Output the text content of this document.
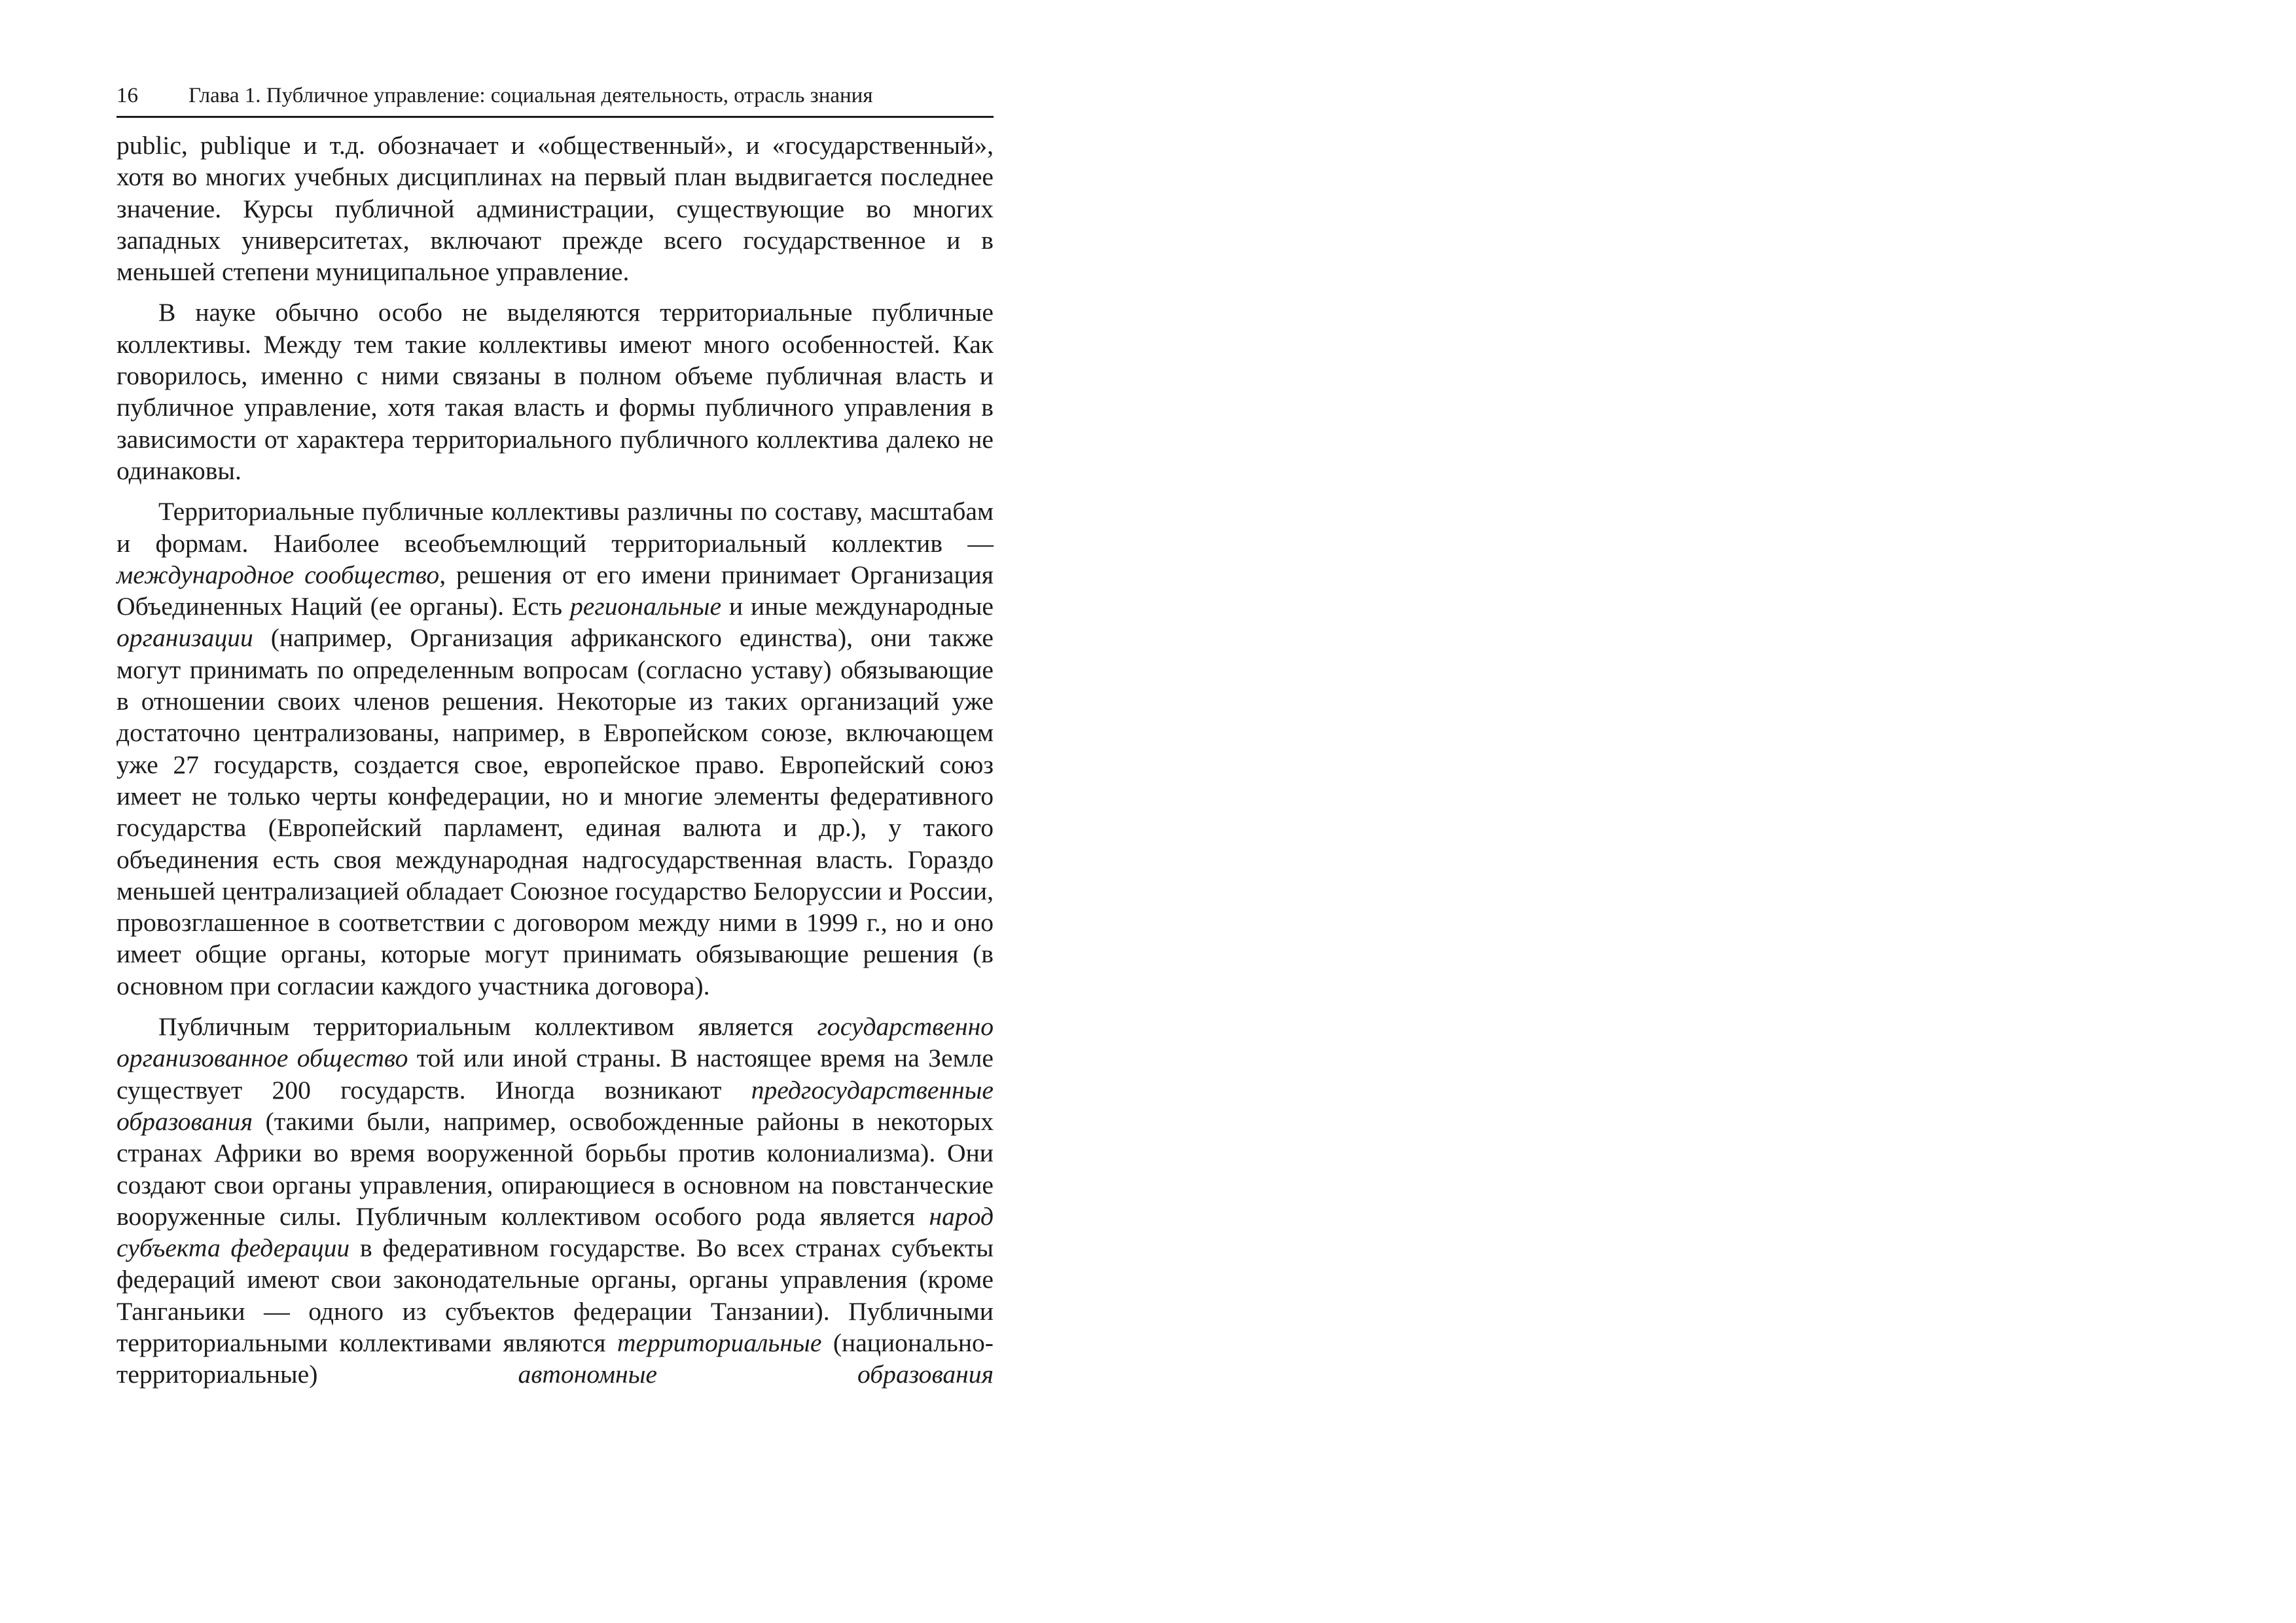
16	Глава 1. Публичное управление: социальная деятельность, отрасль знания

public, publique и т.д. обозначает и «общественный», и «государственный», хотя во многих учебных дисциплинах на первый план выдвигается последнее значение. Курсы публичной администрации, существующие во многих западных университетах, включают прежде всего государственное и в меньшей степени муниципальное управление.

В науке обычно особо не выделяются территориальные публичные коллективы. Между тем такие коллективы имеют много особенностей. Как говорилось, именно с ними связаны в полном объеме публичная власть и публичное управление, хотя такая власть и формы публичного управления в зависимости от характера территориального публичного коллектива далеко не одинаковы.

Территориальные публичные коллективы различны по составу, масштабам и формам. Наиболее всеобъемлющий территориальный коллектив — международное сообщество, решения от его имени принимает Организация Объединенных Наций (ее органы). Есть региональные и иные международные организации (например, Организация африканского единства), они также могут принимать по определенным вопросам (согласно уставу) обязывающие в отношении своих членов решения. Некоторые из таких организаций уже достаточно централизованы, например, в Европейском союзе, включающем уже 27 государств, создается свое, европейское право. Европейский союз имеет не только черты конфедерации, но и многие элементы федеративного государства (Европейский парламент, единая валюта и др.), у такого объединения есть своя международная надгосударственная власть. Гораздо меньшей централизацией обладает Союзное государство Белоруссии и России, провозглашенное в соответствии с договором между ними в 1999 г., но и оно имеет общие органы, которые могут принимать обязывающие решения (в основном при согласии каждого участника договора).

Публичным территориальным коллективом является государственно организованное общество той или иной страны. В настоящее время на Земле существует 200 государств. Иногда возникают предгосударственные образования (такими были, например, освобожденные районы в некоторых странах Африки во время вооруженной борьбы против колониализма). Они создают свои органы управления, опирающиеся в основном на повстанческие вооруженные силы. Публичным коллективом особого рода является народ субъекта федерации в федеративном государстве. Во всех странах субъекты федераций имеют свои законодательные органы, органы управления (кроме Танганьики — одного из субъектов федерации Танзании). Публичными территориальными коллективами являются территориальные (национально-территориальные) автономные образования
